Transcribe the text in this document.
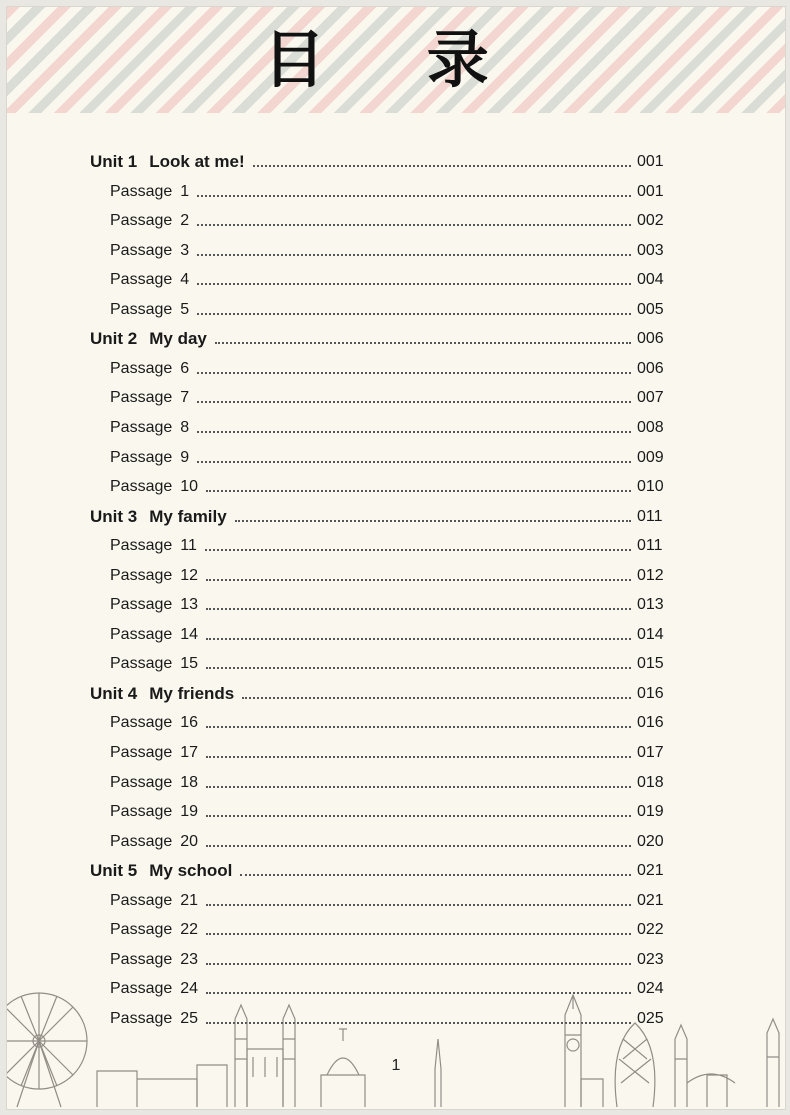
目 录
Unit 1 Look at me!	001
Passage 1	001
Passage 2	002
Passage 3	003
Passage 4	004
Passage 5	005
Unit 2 My day	006
Passage 6	006
Passage 7	007
Passage 8	008
Passage 9	009
Passage 10	010
Unit 3 My family	011
Passage 11	011
Passage 12	012
Passage 13	013
Passage 14	014
Passage 15	015
Unit 4 My friends	016
Passage 16	016
Passage 17	017
Passage 18	018
Passage 19	019
Passage 20	020
Unit 5 My school	021
Passage 21	021
Passage 22	022
Passage 23	023
Passage 24	024
Passage 25	025
1
